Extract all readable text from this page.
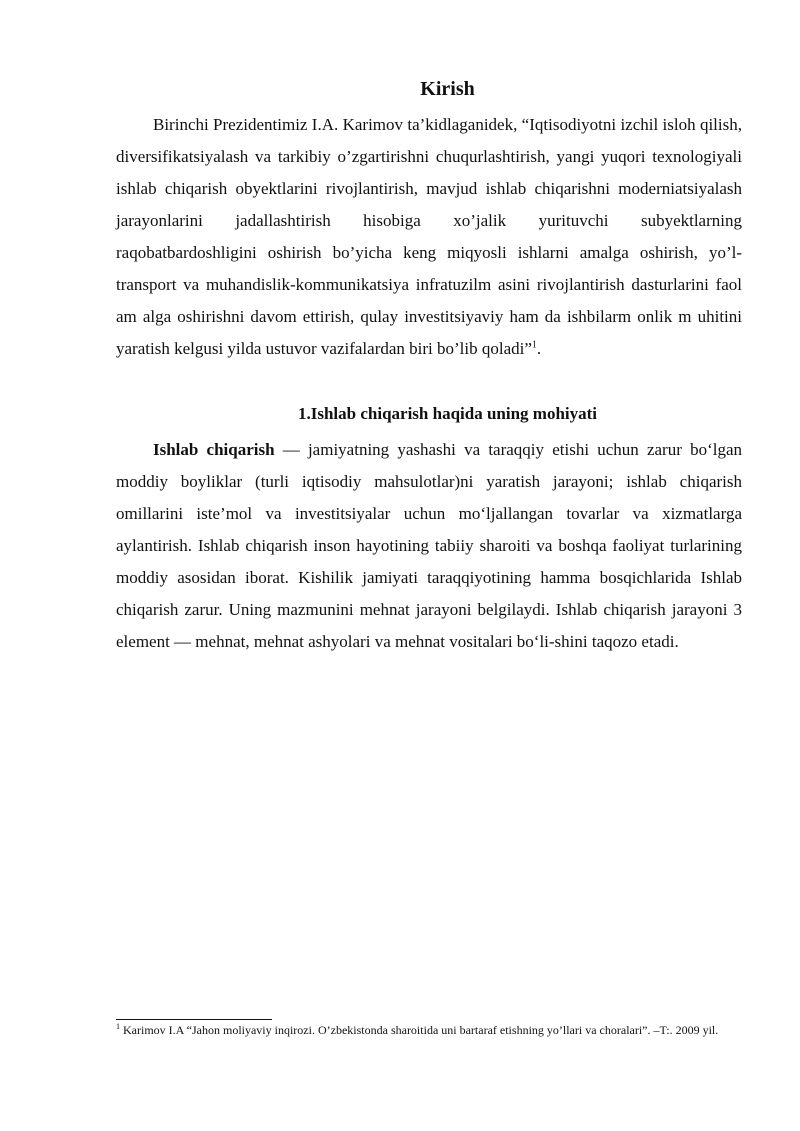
Kirish
Birinchi Prezidentimiz I.A. Karimov ta’kidlaganidek, “Iqtisodiyotni izchil isloh qilish, diversifikatsiyalash va tarkibiy o’zgartirishni chuqurlashtirish, yangi yuqori texnologiyali ishlab chiqarish obyektlarini rivojlantirish, mavjud ishlab chiqarishni moderniatsiyalash jarayonlarini jadallashtirish hisobiga xo’jalik yurituvchi subyektlarning raqobatbardoshligini oshirish bo’yicha keng miqyosli ishlarni amalga oshirish, yo’l-transport va muhandislik-kommunikatsiya infratuzilm asini rivojlantirish dasturlarini faol am alga oshirishni davom ettirish, qulay investitsiyaviy ham da ishbilarm onlik m uhitini yaratish kelgusi yilda ustuvor vazifalardan biri bo’lib qoladi”$^1$.
1.Ishlab chiqarish haqida uning mohiyati
Ishlab chiqarish — jamiyatning yashashi va taraqqiy etishi uchun zarur bo‘lgan moddiy boyliklar (turli iqtisodiy mahsulotlar)ni yaratish jarayoni; ishlab chiqarish omillarini iste’mol va investitsiyalar uchun mo‘ljallangan tovarlar va xizmatlarga aylantirish. Ishlab chiqarish inson hayotining tabiiy sharoiti va boshqa faoliyat turlarining moddiy asosidan iborat. Kishilik jamiyati taraqqiyotining hamma bosqichlarida Ishlab chiqarish zarur. Uning mazmunini mehnat jarayoni belgilaydi. Ishlab chiqarish jarayoni 3 element — mehnat, mehnat ashyolari va mehnat vositalari bo‘li-shini taqozo etadi.
$^1$ Karimov I.A “Jahon moliyaviy inqirozi. O’zbekistonda sharoitida uni bartaraf etishning yo’llari va choralari”. –T:. 2009 yil.
